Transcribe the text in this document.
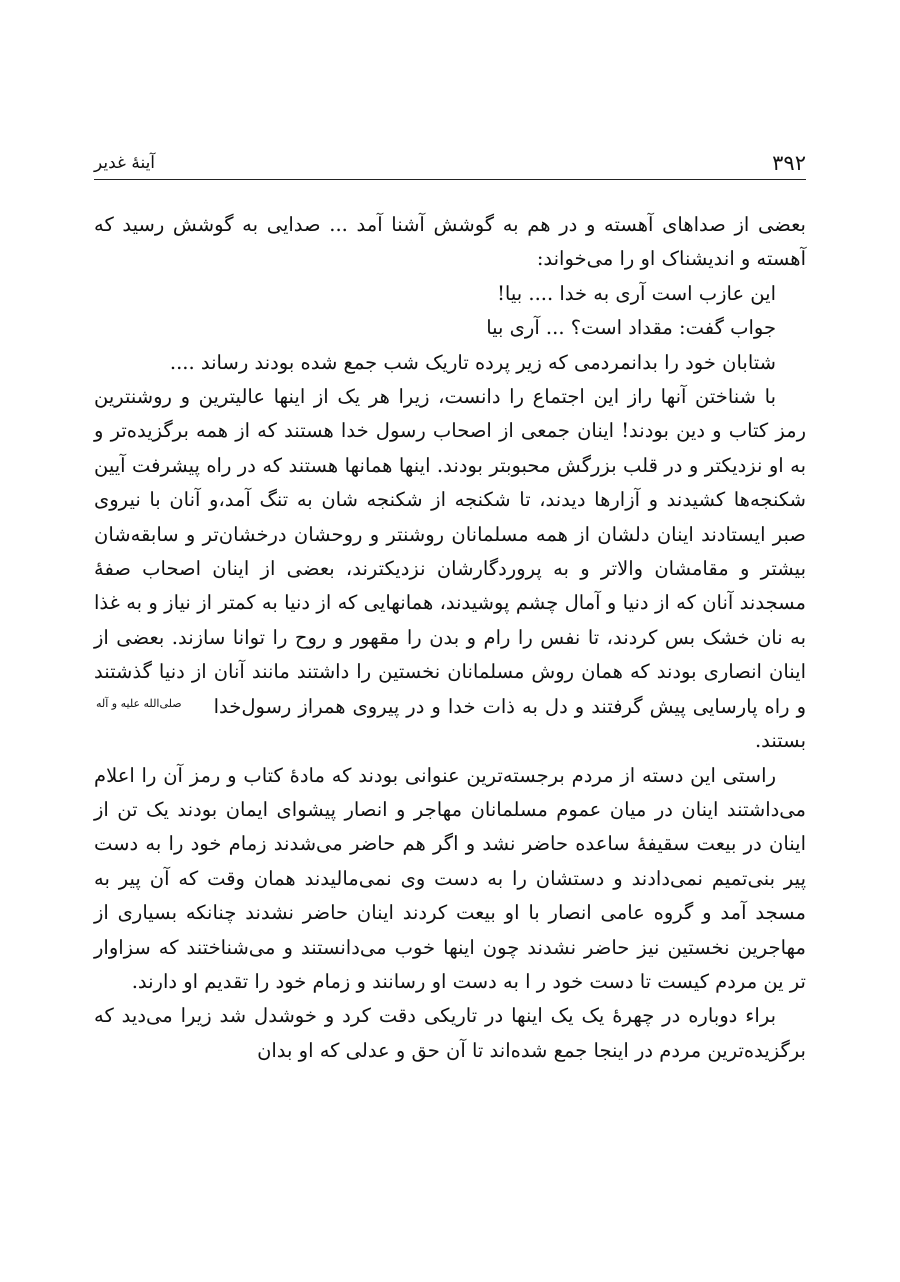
۳۹۲
آینهٔ غدیر

بعضی از صداهای آهسته و در هم به گوشش آشنا آمد ... صدایی به گوشش رسید که آهسته و اندیشناک او را می‌خواند:

این عازب است آری به خدا .... بیا!

جواب گفت: مقداد است؟ ... آری بیا

شتابان خود را بدانمردمی که زیر پرده تاریک شب جمع شده بودند رساند ....

با شناختن آنها راز این اجتماع را دانست، زیرا هر یک از اینها عالیترین و روشنترین رمز کتاب و دین بودند! اینان جمعی از اصحاب رسول خدا هستند که از همه برگزیده‌تر و به او نزدیکتر و در قلب بزرگش محبوبتر بودند. اینها همانها هستند که در راه پیشرفت آیین شکنجه‌ها کشیدند و آزارها دیدند، تا شکنجه از شکنجه شان به تنگ آمد،و آنان با نیروی صبر ایستادند اینان دلشان از همه مسلمانان روشنتر و روحشان درخشان‌تر و سابقه‌شان بیشتر و مقامشان والاتر و به پروردگارشان نزدیکترند، بعضی از اینان اصحاب صفهٔ مسجدند آنان که از دنیا و آمال چشم پوشیدند، همانهایی که از دنیا به کمتر از نیاز و به غذا به نان خشک بس کردند، تا نفس را رام و بدن را مقهور و روح را توانا سازند. بعضی از اینان انصاری بودند که همان روش مسلمانان نخستین را داشتند مانند آنان از دنیا گذشتند و راه پارسایی پیش گرفتند و دل به ذات خدا و در پیروی همراز رسول‌خداصلی‌الله علیه و آله بستند.

راستی این دسته از مردم برجسته‌ترین عنوانی بودند که مادهٔ کتاب و رمز آن را اعلام می‌داشتند اینان در میان عموم مسلمانان مهاجر و انصار پیشوای ایمان بودند یک تن از اینان در بیعت سقیفهٔ ساعده حاضر نشد و اگر هم حاضر می‌شدند زمام خود را به دست پیر بنی‌تمیم نمی‌دادند و دستشان را به دست وی نمی‌مالیدند همان وقت که آن پیر به مسجد آمد و گروه عامی انصار با او بیعت کردند اینان حاضر نشدند چنانکه بسیاری از مهاجرین نخستین نیز حاضر نشدند چون اینها خوب می‌دانستند و می‌شناختند که سزاوار تر ین مردم کیست تا دست خود ر ا به دست او رسانند و زمام خود را تقدیم او دارند.

براء دوباره در چهرهٔ یک یک اینها در تاریکی دقت کرد و خوشدل شد زیرا می‌دید که برگزیده‌ترین مردم در اینجا جمع شده‌اند تا آن حق و عدلی که او بدان
